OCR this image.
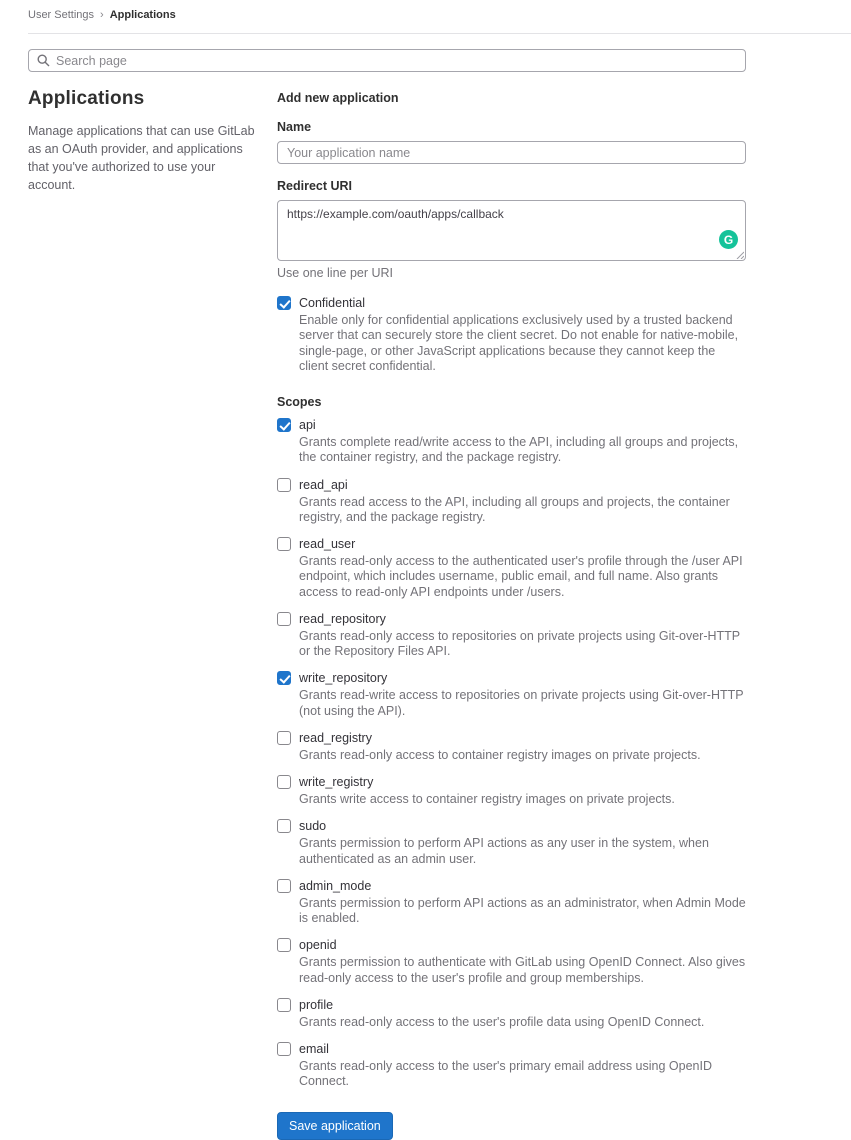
User Settings › Applications
Search page
Applications

Manage applications that can use GitLab as an OAuth provider, and applications that you've authorized to use your account.

Add new application
Name
Your application name
Redirect URI
https://example.com/oauth/apps/callback
G
Use one line per URI
Confidential
Enable only for confidential applications exclusively used by a trusted backend server that can securely store the client secret. Do not enable for native-mobile, single-page, or other JavaScript applications because they cannot keep the client secret confidential.
Scopes
api
Grants complete read/write access to the API, including all groups and projects, the container registry, and the package registry.
read_api
Grants read access to the API, including all groups and projects, the container registry, and the package registry.
read_user
Grants read-only access to the authenticated user's profile through the /user API endpoint, which includes username, public email, and full name. Also grants access to read-only API endpoints under /users.
read_repository
Grants read-only access to repositories on private projects using Git-over-HTTP or the Repository Files API.
write_repository
Grants read-write access to repositories on private projects using Git-over-HTTP (not using the API).
read_registry
Grants read-only access to container registry images on private projects.
write_registry
Grants write access to container registry images on private projects.
sudo
Grants permission to perform API actions as any user in the system, when authenticated as an admin user.
admin_mode
Grants permission to perform API actions as an administrator, when Admin Mode is enabled.
openid
Grants permission to authenticate with GitLab using OpenID Connect. Also gives read-only access to the user's profile and group memberships.
profile
Grants read-only access to the user's profile data using OpenID Connect.
email
Grants read-only access to the user's primary email address using OpenID Connect.
Save application
